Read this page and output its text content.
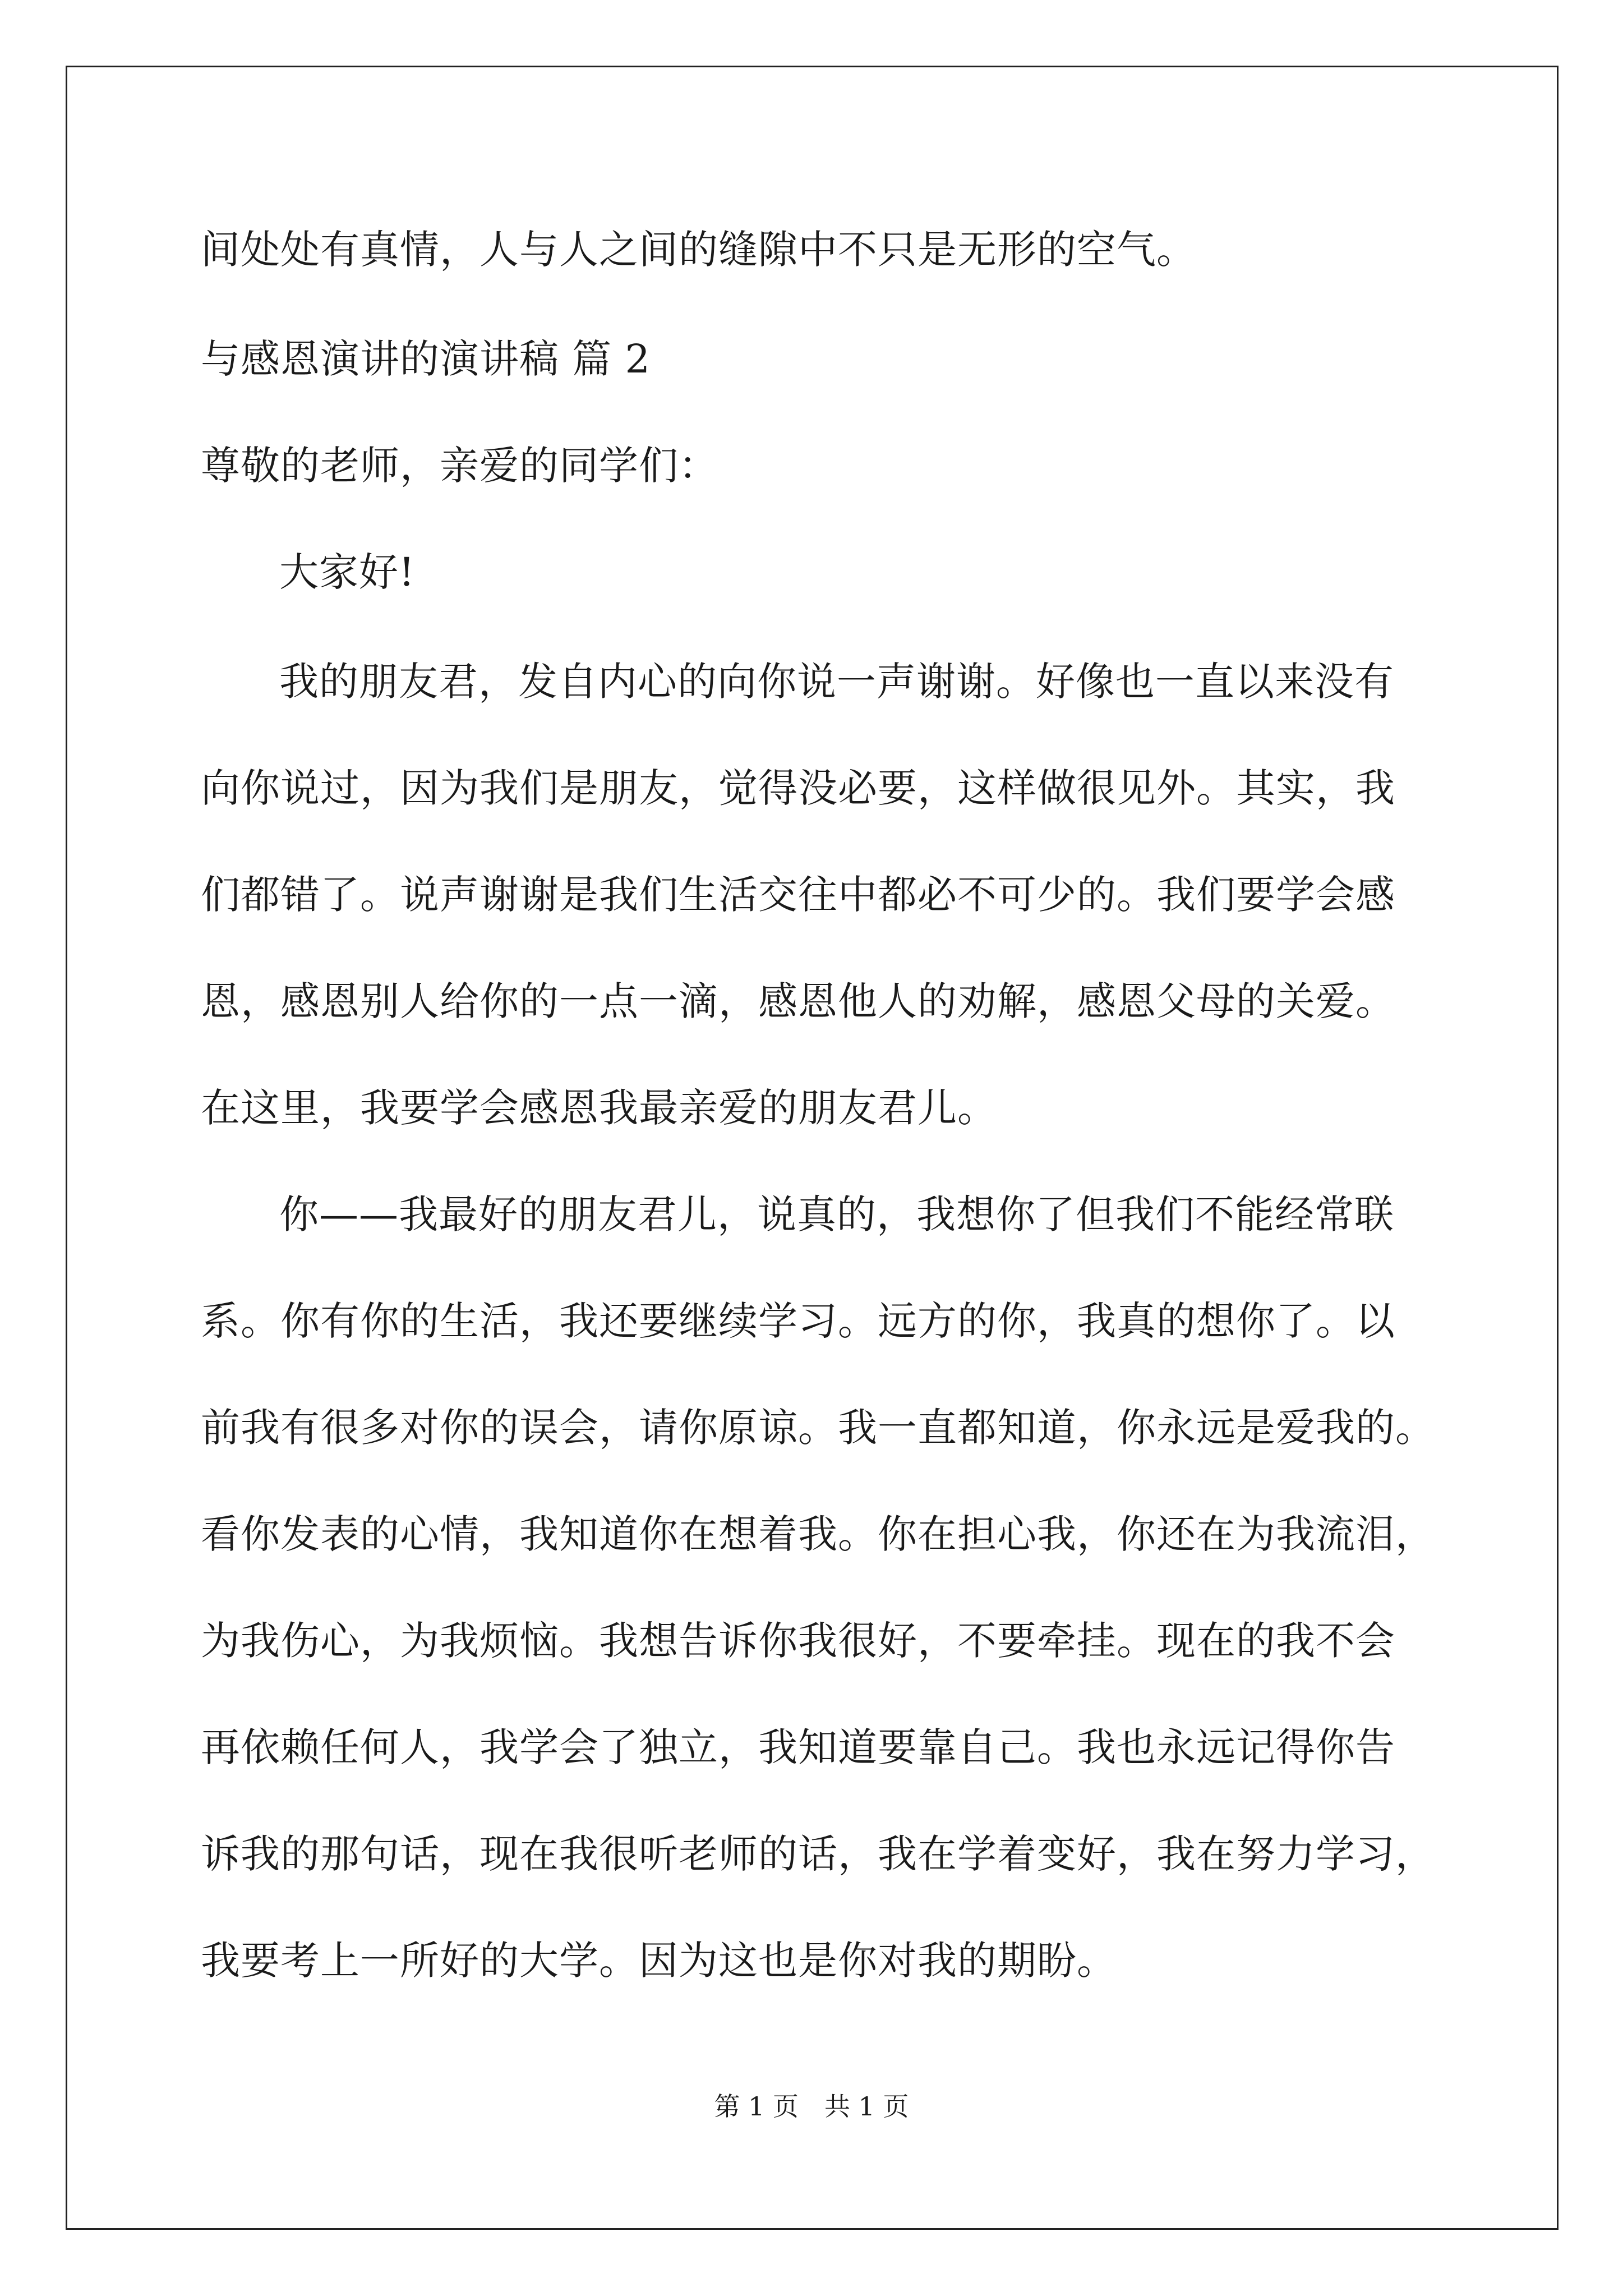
间处处有真情，人与人之间的缝隙中不只是无形的空气。
与感恩演讲的演讲稿 篇 2
尊敬的老师，亲爱的同学们：
大家好!
我的朋友君，发自内心的向你说一声谢谢。好像也一直以来没有
向你说过，因为我们是朋友，觉得没必要，这样做很见外。其实，我
们都错了。说声谢谢是我们生活交往中都必不可少的。我们要学会感
恩，感恩别人给你的一点一滴，感恩他人的劝解，感恩父母的关爱。
在这里，我要学会感恩我最亲爱的朋友君儿。
你——我最好的朋友君儿，说真的，我想你了但我们不能经常联
系。你有你的生活，我还要继续学习。远方的你，我真的想你了。以
前我有很多对你的误会，请你原谅。我一直都知道，你永远是爱我的。
看你发表的心情，我知道你在想着我。你在担心我，你还在为我流泪，
为我伤心，为我烦恼。我想告诉你我很好，不要牵挂。现在的我不会
再依赖任何人，我学会了独立，我知道要靠自己。我也永远记得你告
诉我的那句话，现在我很听老师的话，我在学着变好，我在努力学习，
我要考上一所好的大学。因为这也是你对我的期盼。
第 1 页　共 1 页
